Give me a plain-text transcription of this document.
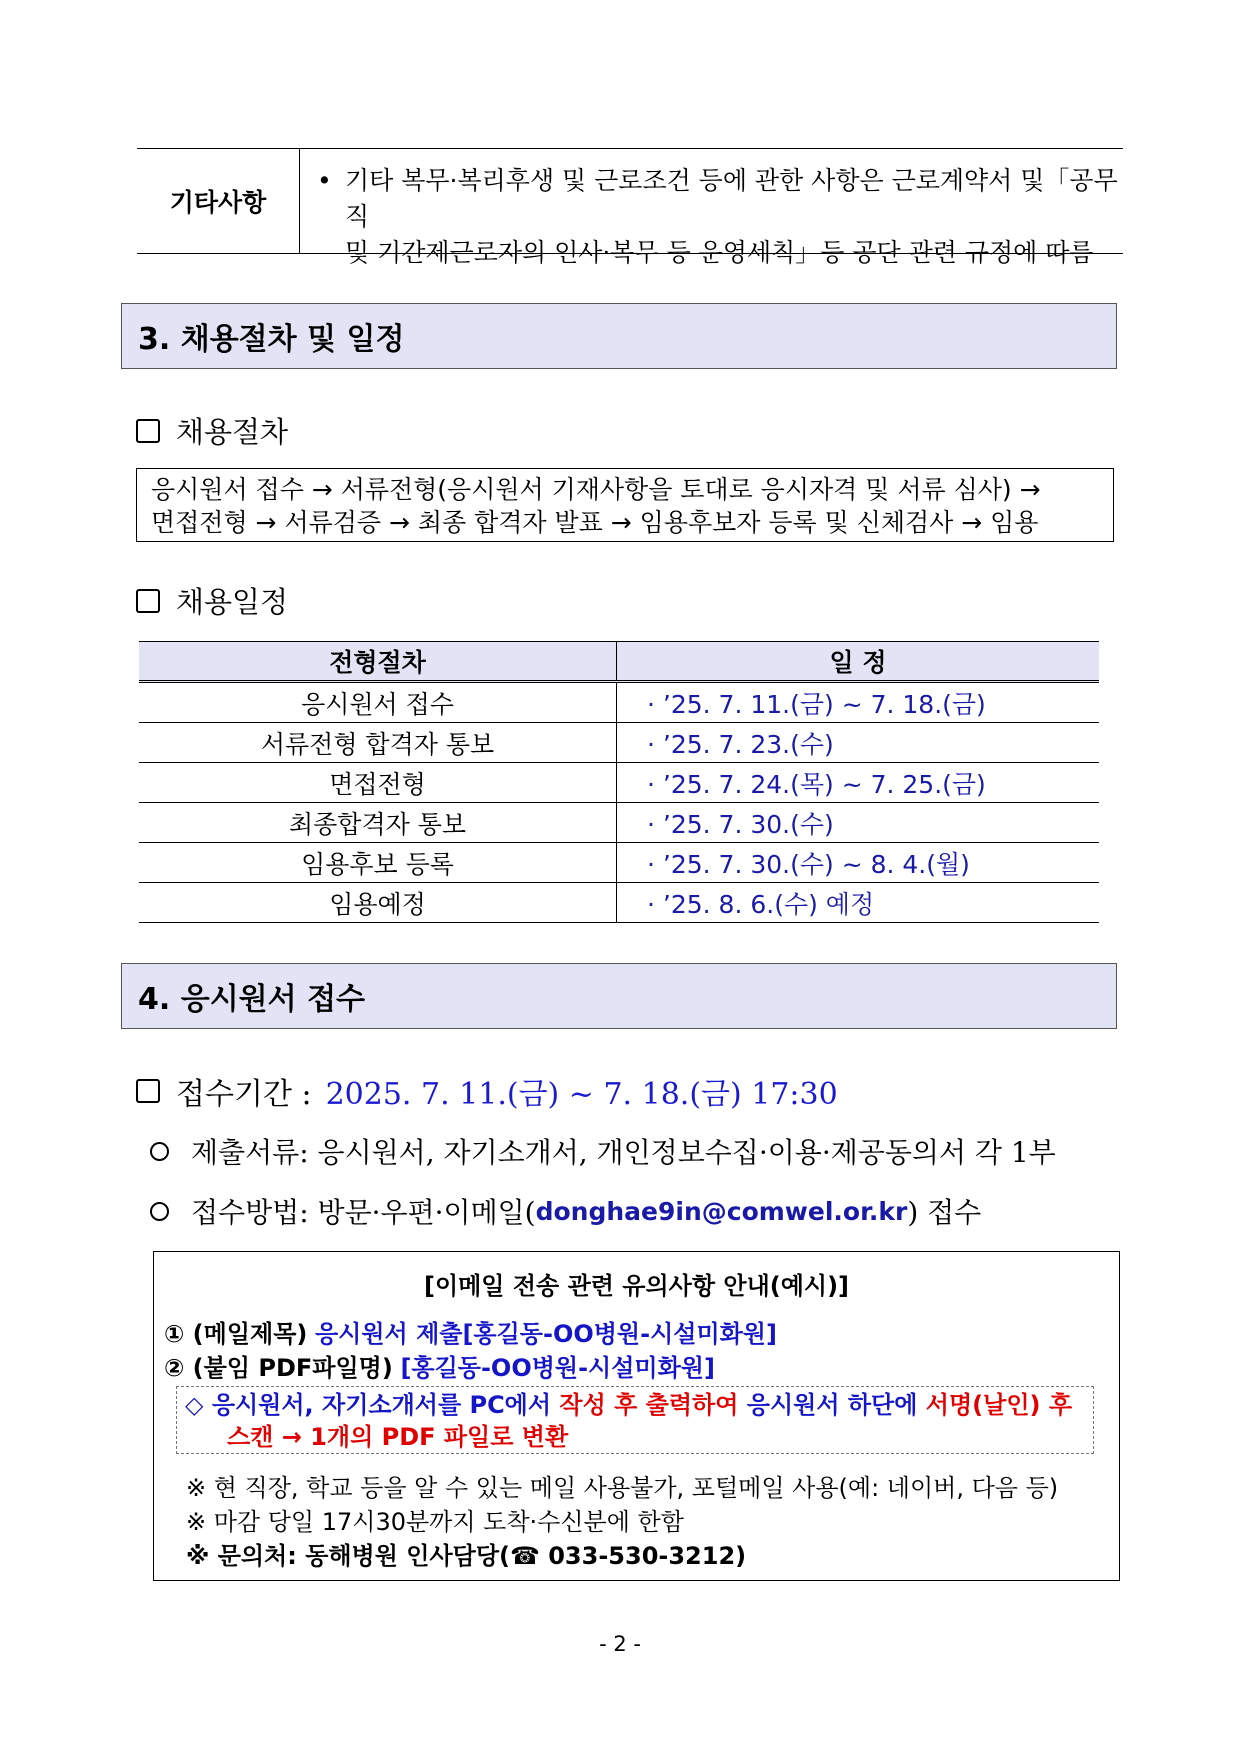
기타사항
• 기타 복무·복리후생 및 근로조건 등에 관한 사항은 근로계약서 및「공무직
및 기간제근로자의 인사·복무 등 운영세칙」등 공단 관련 규정에 따름
3. 채용절차 및 일정
채용절차
응시원서 접수 → 서류전형(응시원서 기재사항을 토대로 응시자격 및 서류 심사) →
면접전형 → 서류검증 → 최종 합격자 발표 → 임용후보자 등록 및 신체검사 → 임용
채용일정
전형절차	일 정
응시원서 접수	· ’25. 7. 11.(금) ~ 7. 18.(금)
서류전형 합격자 통보	· ’25. 7. 23.(수)
면접전형	· ’25. 7. 24.(목) ~ 7. 25.(금)
최종합격자 통보	· ’25. 7. 30.(수)
임용후보 등록	· ’25. 7. 30.(수) ~ 8. 4.(월)
임용예정	· ’25. 8. 6.(수) 예정
4. 응시원서 접수
접수기간 : 2025. 7. 11.(금) ~ 7. 18.(금) 17:30
제출서류: 응시원서, 자기소개서, 개인정보수집·이용·제공동의서 각 1부
접수방법: 방문·우편·이메일( donghae9in@comwel.or.kr ) 접수
[이메일 전송 관련 유의사항 안내(예시)]
① (메일제목) 응시원서 제출[홍길동-OO병원-시설미화원]
② (붙임 PDF파일명) [홍길동-OO병원-시설미화원]
◇ 응시원서, 자기소개서를 PC에서 작성 후 출력하여 응시원서 하단에 서명(날인) 후
스캔 → 1개의 PDF 파일로 변환
※ 현 직장, 학교 등을 알 수 있는 메일 사용불가, 포털메일 사용(예: 네이버, 다음 등)
※ 마감 당일 17시30분까지 도착·수신분에 한함
※ 문의처: 동해병원 인사담당(☎ 033-530-3212)
- 2 -
